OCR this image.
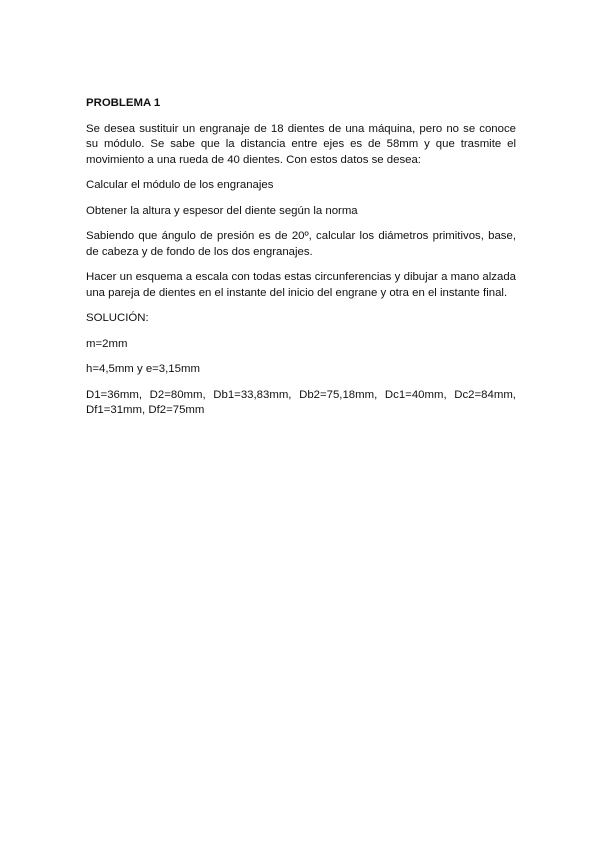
PROBLEMA 1

Se desea sustituir un engranaje de 18 dientes de una máquina, pero no se conoce su módulo. Se sabe que la distancia entre ejes es de 58mm y que trasmite el movimiento a una rueda de 40 dientes. Con estos datos se desea:

Calcular el módulo de los engranajes

Obtener la altura y espesor del diente según la norma

Sabiendo que ángulo de presión es de 20º, calcular los diámetros primitivos, base, de cabeza y de fondo de los dos engranajes.

Hacer un esquema a escala con todas estas circunferencias y dibujar a mano alzada una pareja de dientes en el instante del inicio del engrane y otra en el instante final.

SOLUCIÓN:

m=2mm

h=4,5mm y e=3,15mm

D1=36mm, D2=80mm, Db1=33,83mm, Db2=75,18mm, Dc1=40mm, Dc2=84mm,
Df1=31mm, Df2=75mm
